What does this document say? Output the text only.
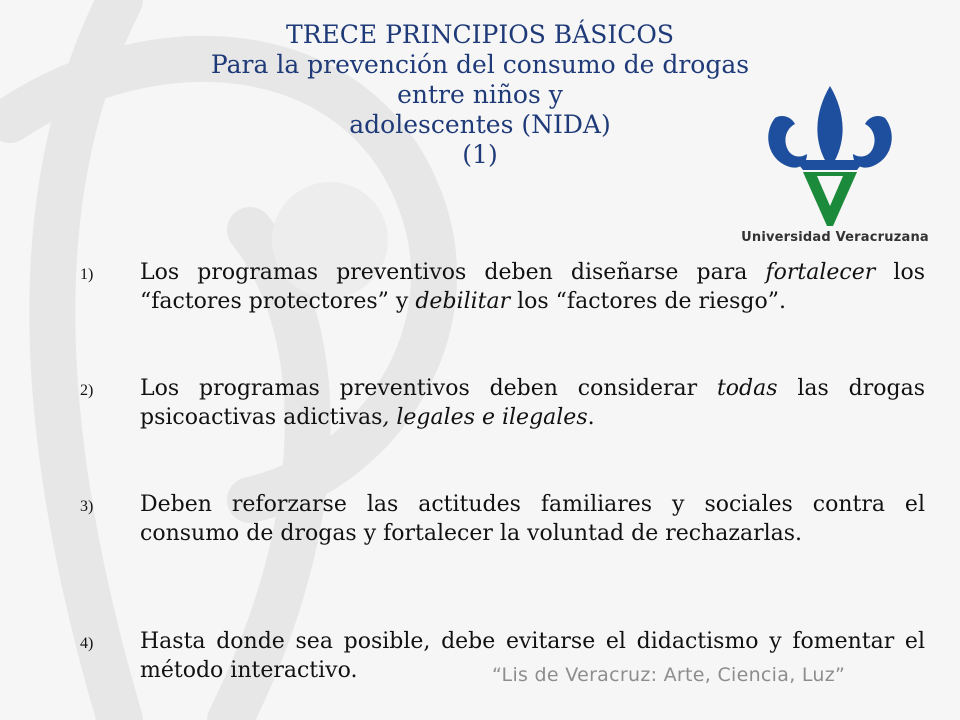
TRECE PRINCIPIOS BÁSICOS
Para la prevención del consumo de drogas entre niños y
adolescentes (NIDA)
(1)
Universidad Veracruzana
1) Los programas preventivos deben diseñarse para fortalecer los “factores protectores” y debilitar los “factores de riesgo”.
2) Los programas preventivos deben considerar todas las drogas psicoactivas adictivas, legales e ilegales.
3) Deben reforzarse las actitudes familiares y sociales contra el consumo de drogas y fortalecer la voluntad de rechazarlas.
4) Hasta donde sea posible, debe evitarse el didactismo y fomentar el método interactivo.	“Lis de Veracruz: Arte, Ciencia, Luz”
